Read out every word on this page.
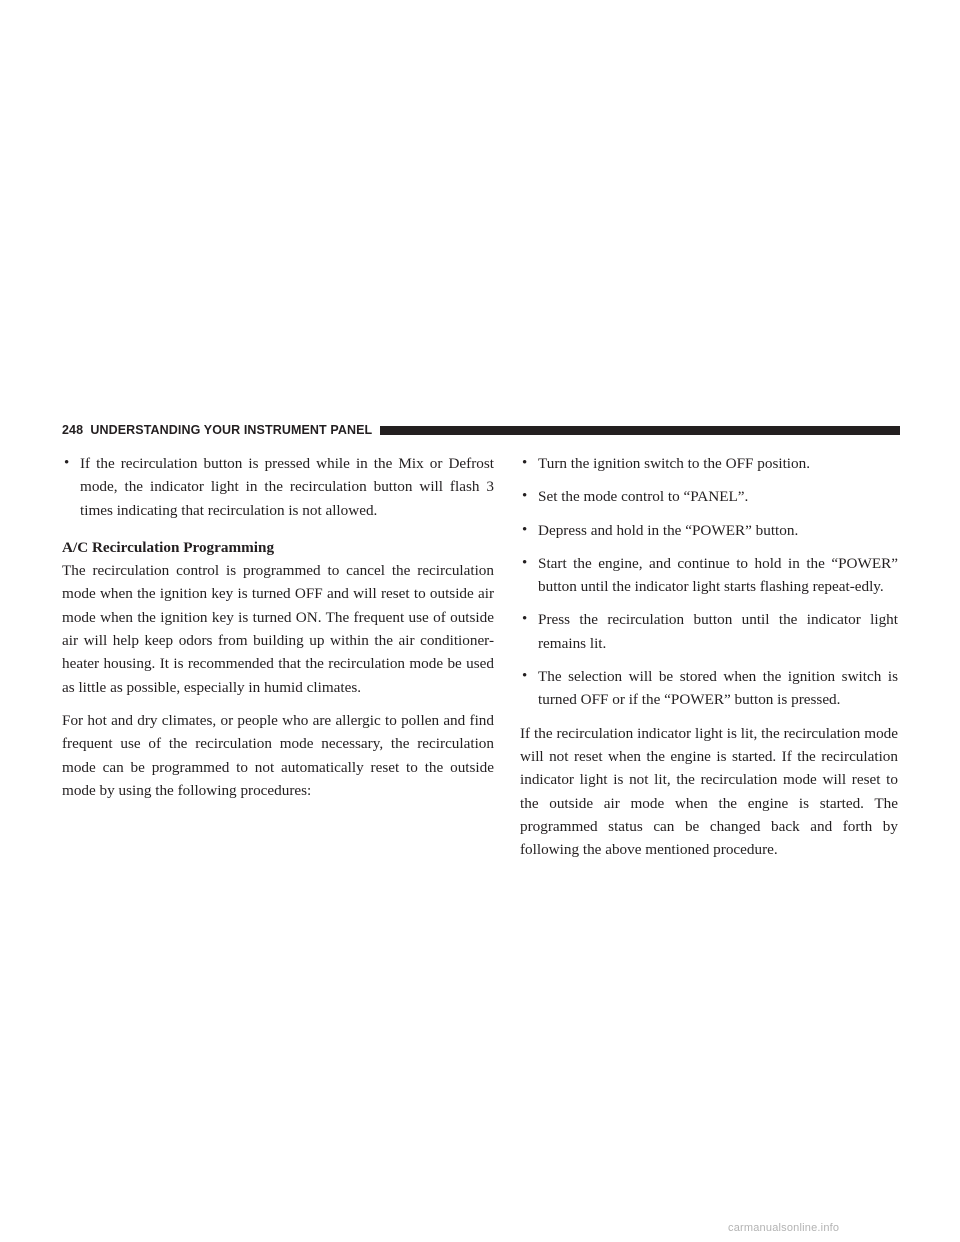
248 UNDERSTANDING YOUR INSTRUMENT PANEL
• If the recirculation button is pressed while in the Mix or Defrost mode, the indicator light in the recirculation button will flash 3 times indicating that recirculation is not allowed.
A/C Recirculation Programming

The recirculation control is programmed to cancel the recirculation mode when the ignition key is turned OFF and will reset to outside air mode when the ignition key is turned ON. The frequent use of outside air will help keep odors from building up within the air conditioner-heater housing. It is recommended that the recirculation mode be used as little as possible, especially in humid climates.

For hot and dry climates, or people who are allergic to pollen and find frequent use of the recirculation mode necessary, the recirculation mode can be programmed to not automatically reset to the outside mode by using the following procedures:

• Turn the ignition switch to the OFF position.
• Set the mode control to “PANEL”.
• Depress and hold in the “POWER” button.
• Start the engine, and continue to hold in the “POWER” button until the indicator light starts flashing repeat-edly.
• Press the recirculation button until the indicator light remains lit.
• The selection will be stored when the ignition switch is turned OFF or if the “POWER” button is pressed.

If the recirculation indicator light is lit, the recirculation mode will not reset when the engine is started. If the recirculation indicator light is not lit, the recirculation mode will reset to the outside air mode when the engine is started. The programmed status can be changed back and forth by following the above mentioned procedure.

carmanualsonline.info
